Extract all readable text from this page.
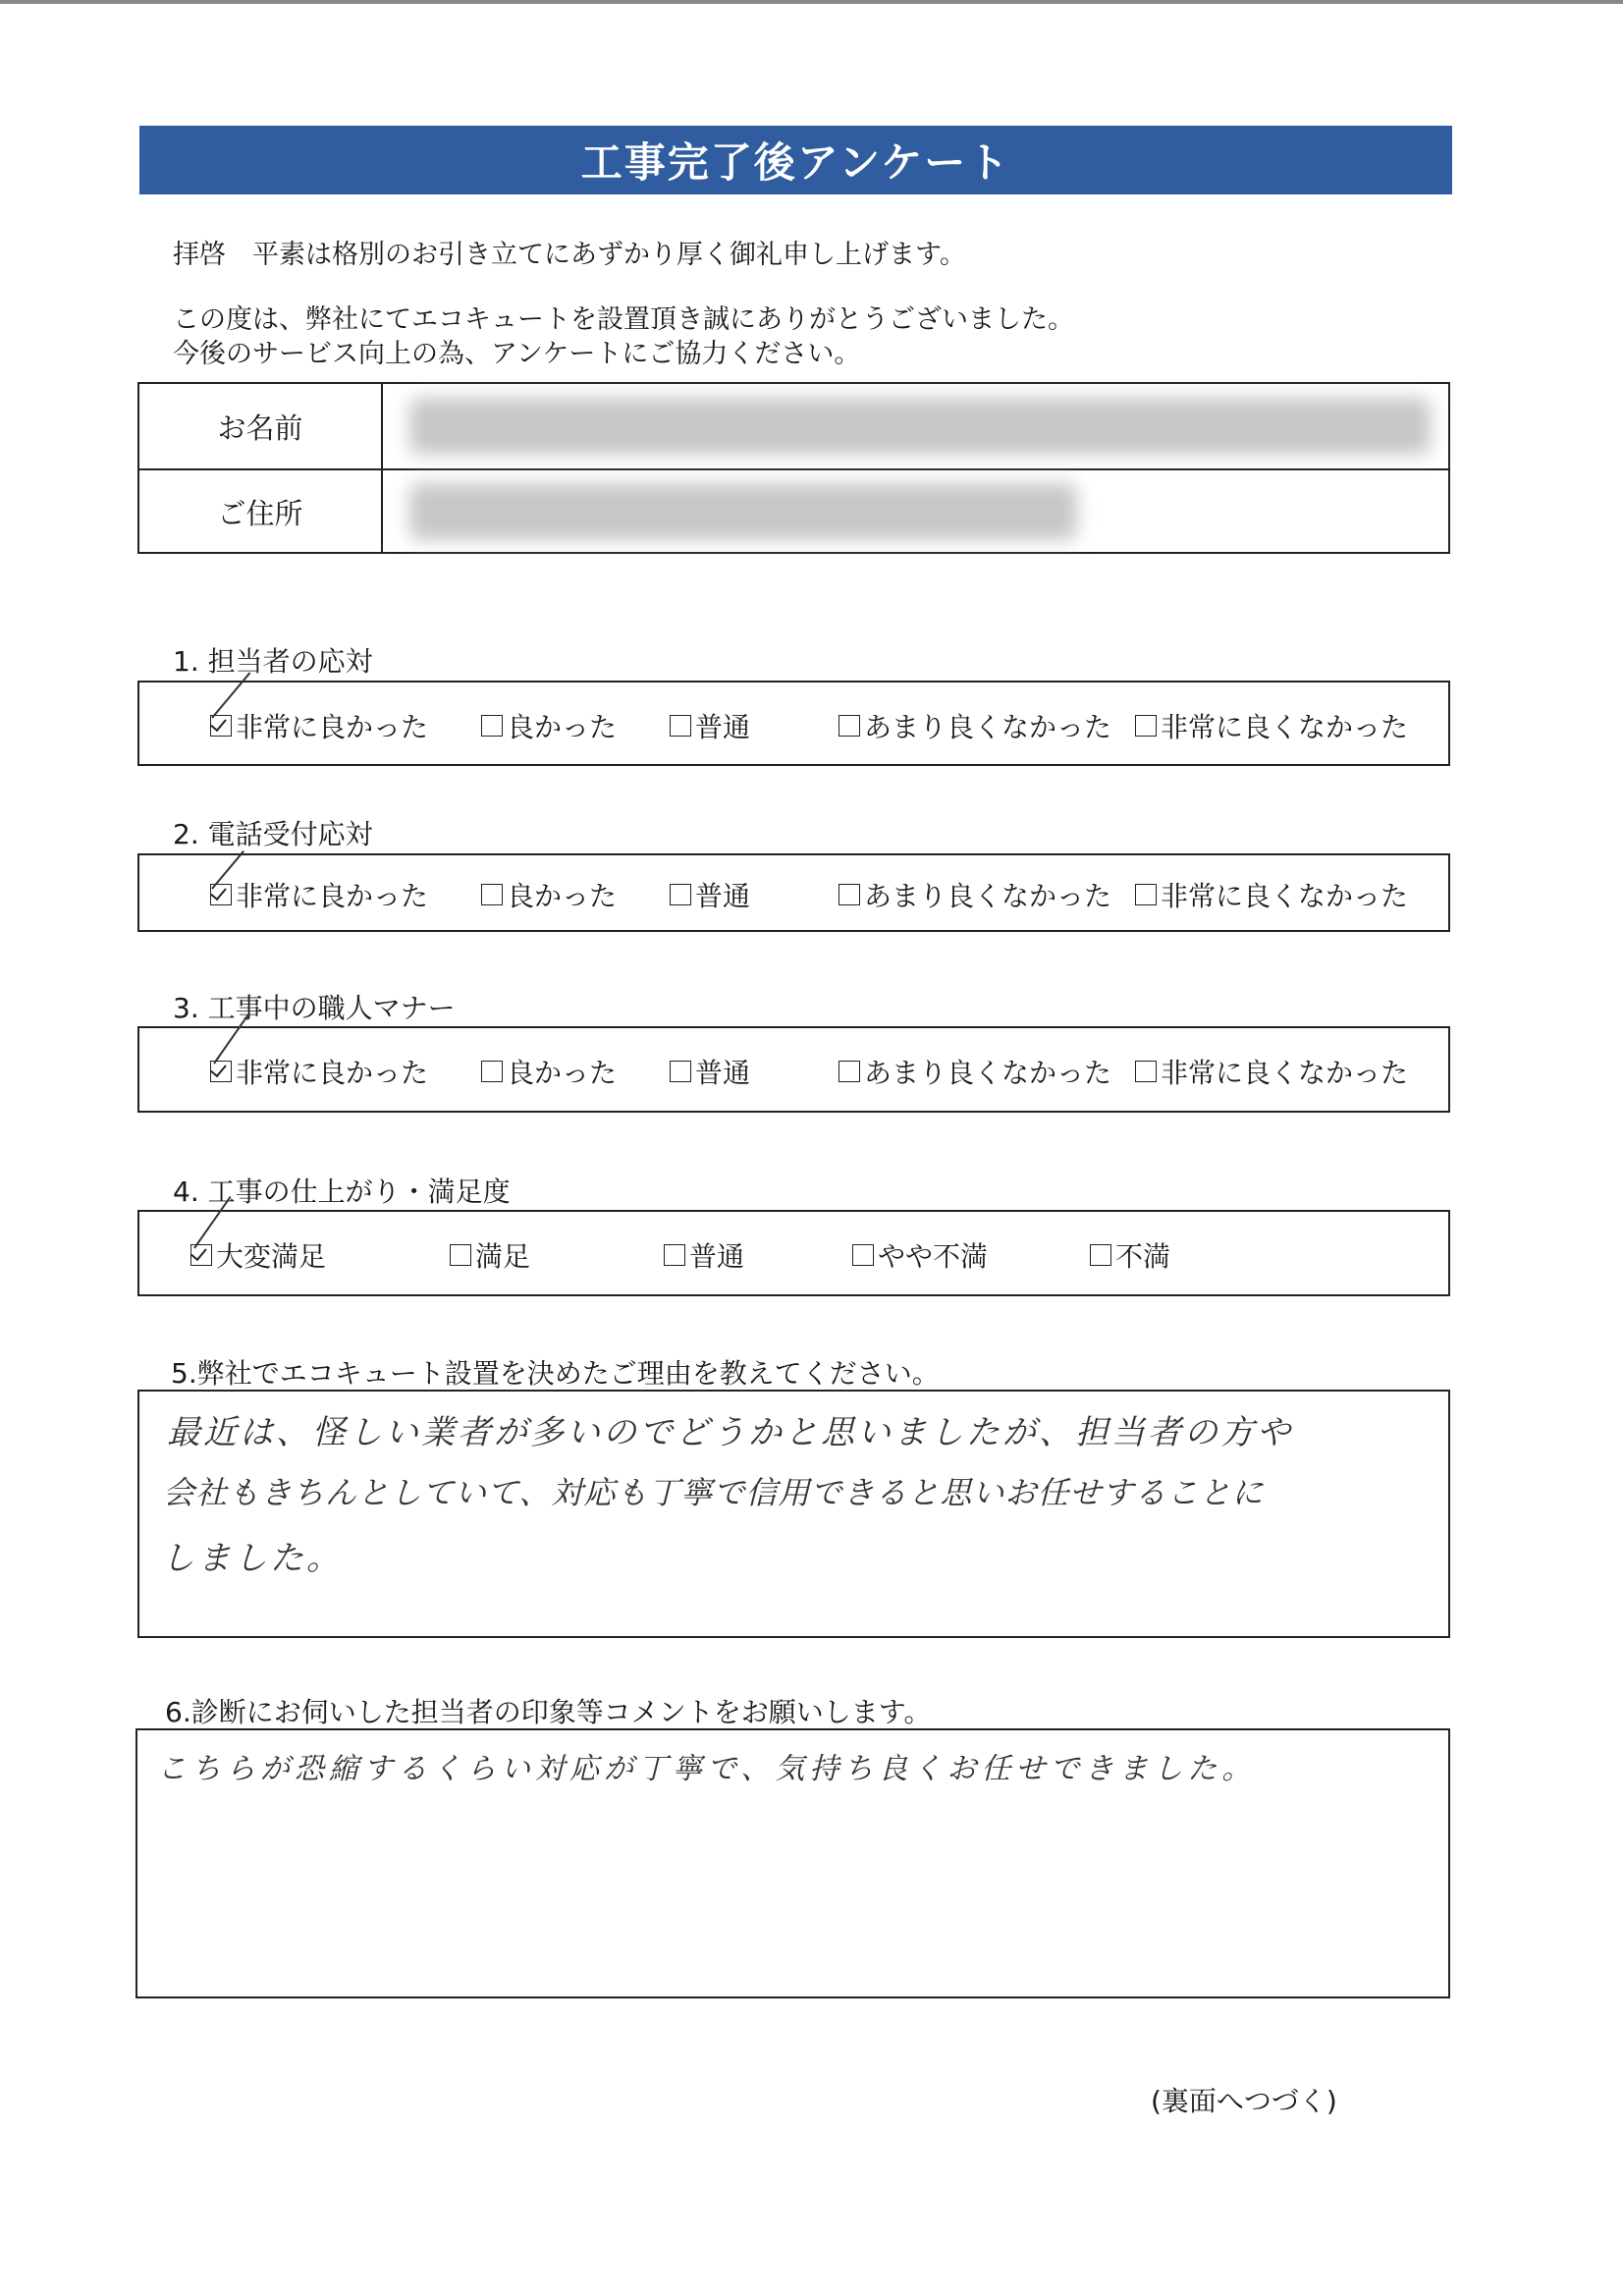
工事完了後アンケート
拝啓　平素は格別のお引き立てにあずかり厚く御礼申し上げます。
この度は、弊社にてエコキュートを設置頂き誠にありがとうございました。
今後のサービス向上の為、アンケートにご協力ください。
お名前
ご住所
1. 担当者の応対
非常に良かった	良かった	普通	あまり良くなかった 非常に良くなかった
2. 電話受付応対
非常に良かった	良かった	普通	あまり良くなかった 非常に良くなかった
3. 工事中の職人マナー
非常に良かった	良かった	普通	あまり良くなかった 非常に良くなかった
4. 工事の仕上がり・満足度
大変満足	満足	普通	やや不満	不満
5.弊社でエコキュート設置を決めたご理由を教えてください。
最近は、怪しい業者が多いのでどうかと思いましたが、担当者の方や
会社もきちんとしていて、対応も丁寧で信用できると思いお任せすることに
しました。
6.診断にお伺いした担当者の印象等コメントをお願いします。
こちらが恐縮するくらい対応が丁寧で、気持ち良くお任せできました。
(裏面へつづく)
